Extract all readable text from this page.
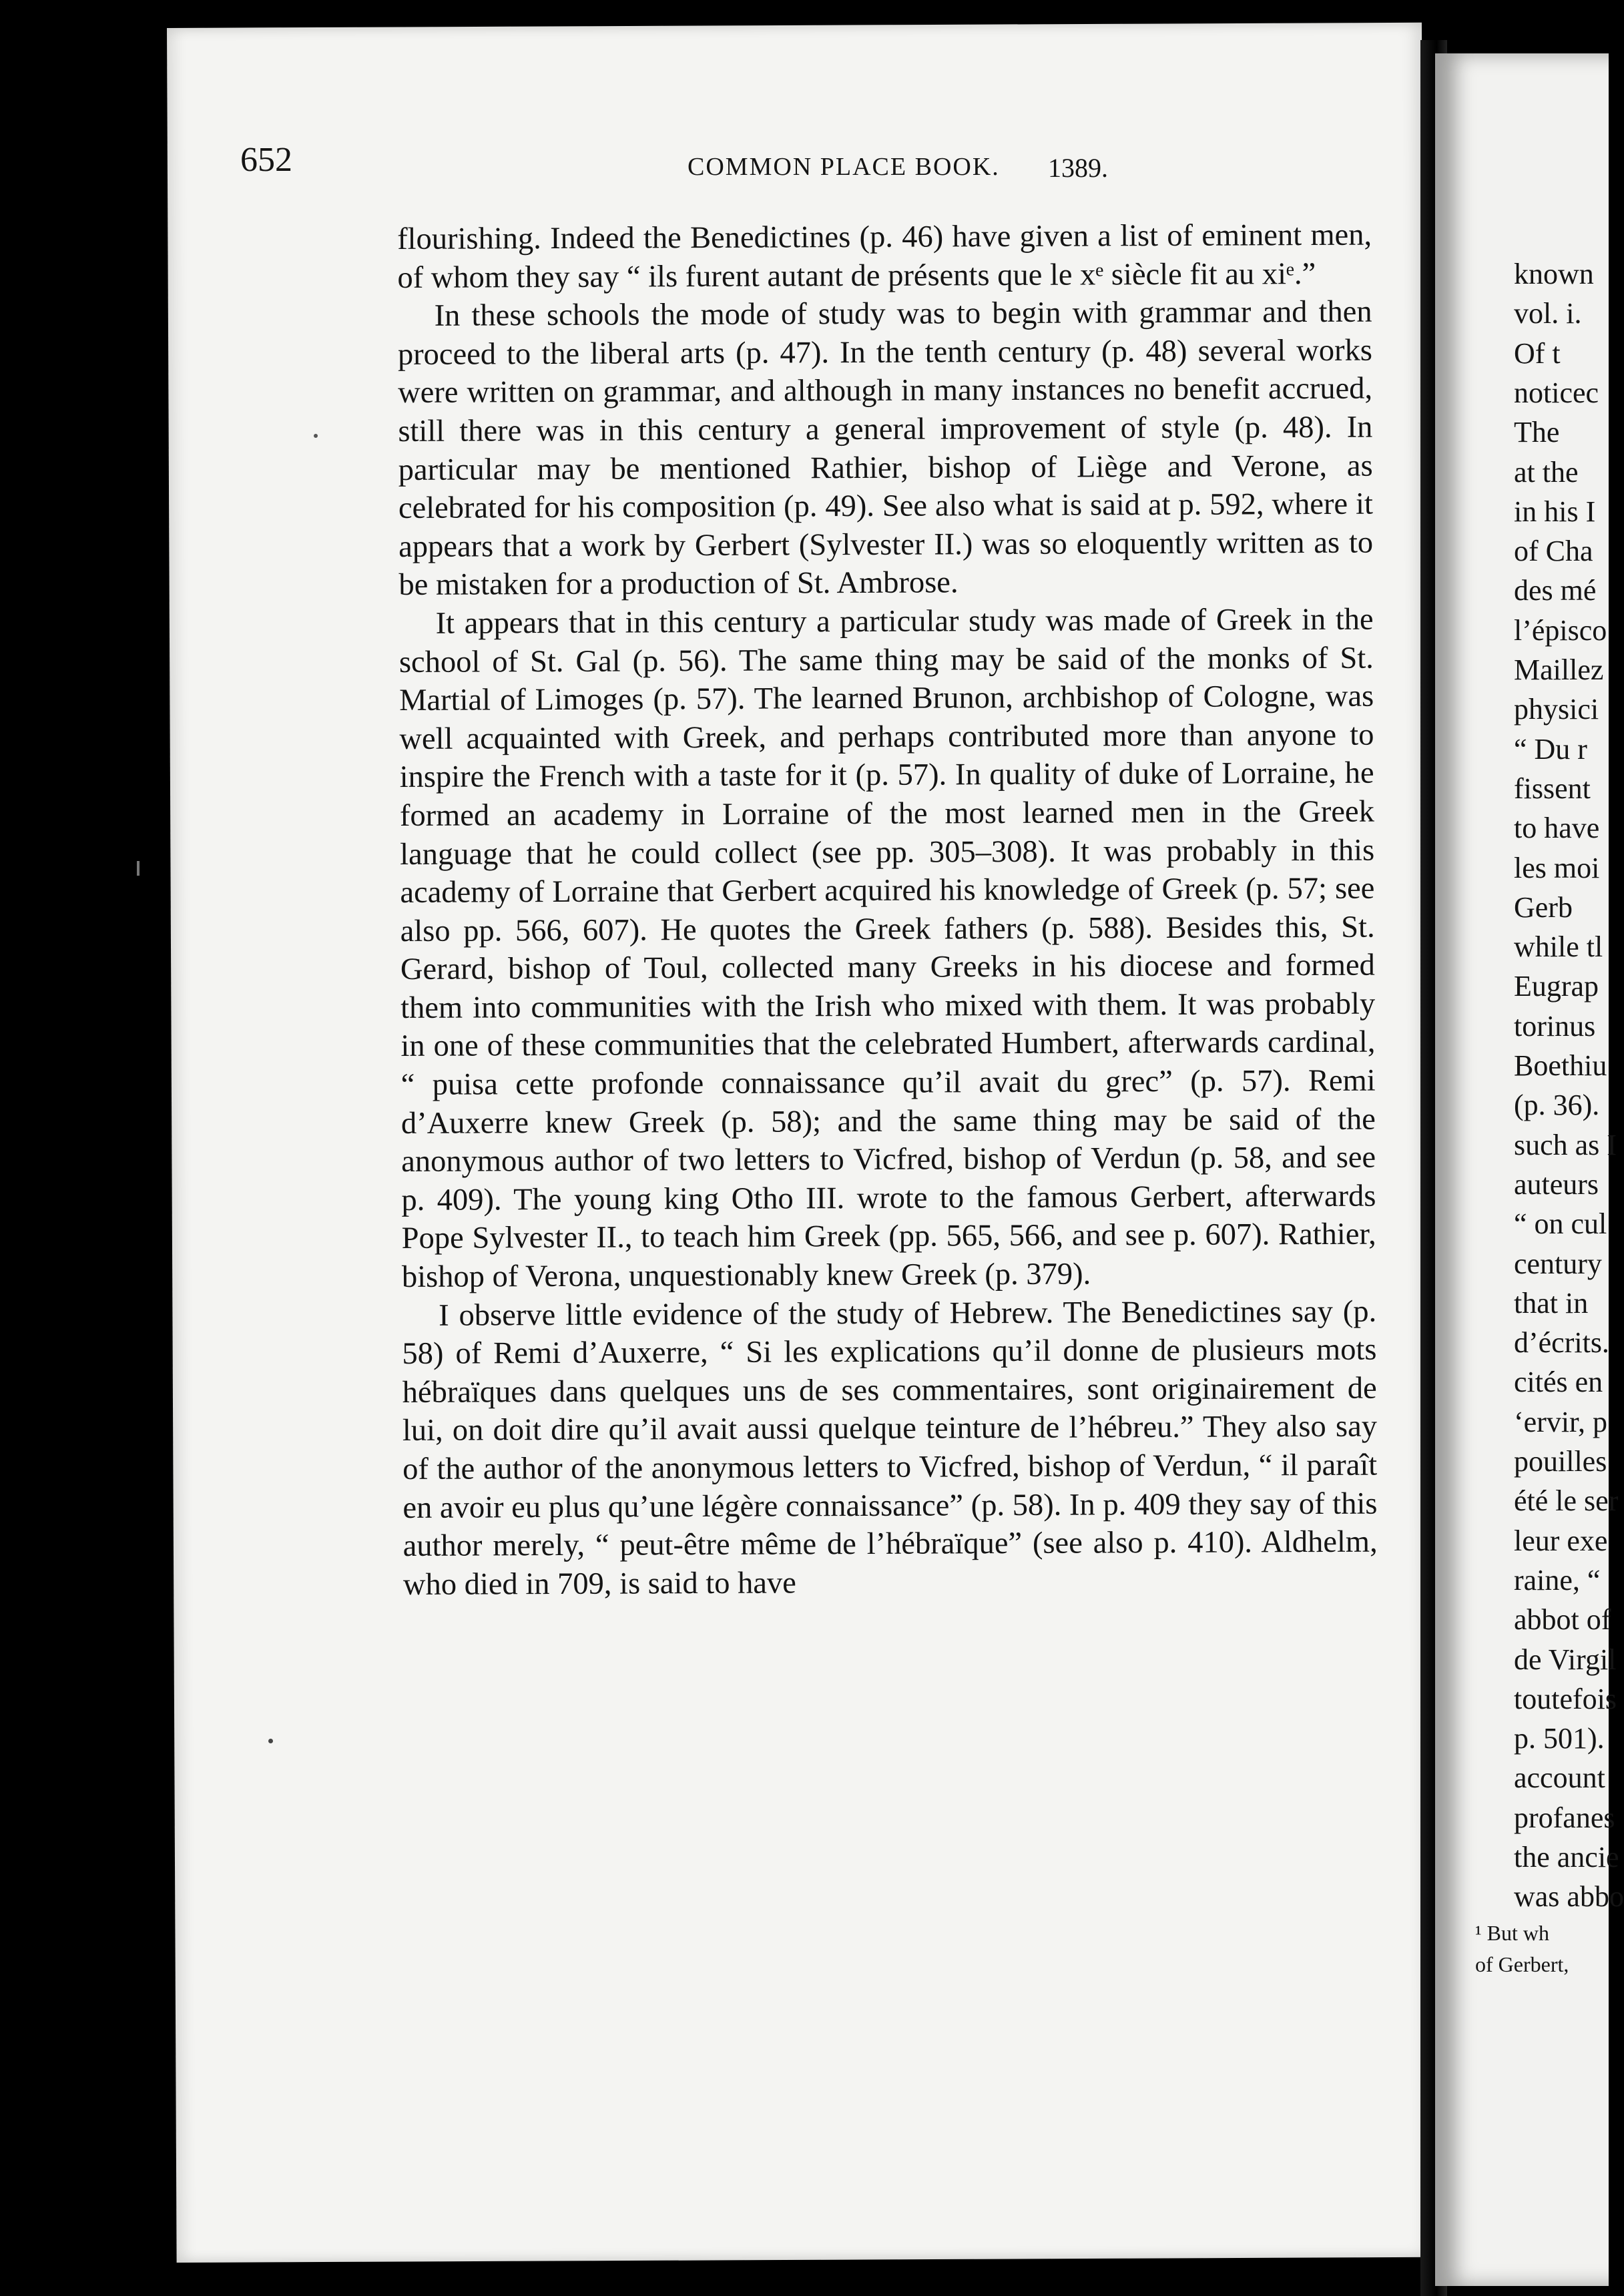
652	COMMON PLACE BOOK. 1389.

flourishing. Indeed the Benedictines (p. 46) have given a list of eminent men, of whom they say “ ils furent autant de présents que le xᵉ siècle fit au xiᵉ.”

In these schools the mode of study was to begin with grammar and then proceed to the liberal arts (p. 47). In the tenth century (p. 48) several works were written on grammar, and although in many instances no benefit accrued, still there was in this century a general improvement of style (p. 48). In particular may be mentioned Rathier, bishop of Liège and Verone, as celebrated for his composition (p. 49). See also what is said at p. 592, where it appears that a work by Gerbert (Sylvester II.) was so eloquently written as to be mistaken for a production of St. Ambrose.

It appears that in this century a particular study was made of Greek in the school of St. Gal (p. 56). The same thing may be said of the monks of St. Martial of Limoges (p. 57). The learned Brunon, archbishop of Cologne, was well acquainted with Greek, and perhaps contributed more than anyone to inspire the French with a taste for it (p. 57). In quality of duke of Lorraine, he formed an academy in Lorraine of the most learned men in the Greek language that he could collect (see pp. 305–308). It was probably in this academy of Lorraine that Gerbert acquired his knowledge of Greek (p. 57; see also pp. 566, 607). He quotes the Greek fathers (p. 588). Besides this, St. Gerard, bishop of Toul, collected many Greeks in his diocese and formed them into communities with the Irish who mixed with them. It was probably in one of these communities that the celebrated Humbert, afterwards cardinal, “ puisa cette profonde connaissance qu’il avait du grec” (p. 57). Remi d’Auxerre knew Greek (p. 58); and the same thing may be said of the anonymous author of two letters to Vicfred, bishop of Verdun (p. 58, and see p. 409). The young king Otho III. wrote to the famous Gerbert, afterwards Pope Sylvester II., to teach him Greek (pp. 565, 566, and see p. 607). Rathier, bishop of Verona, unquestionably knew Greek (p. 379).

I observe little evidence of the study of Hebrew. The Benedictines say (p. 58) of Remi d’Auxerre, “ Si les explications qu’il donne de plusieurs mots hébraïques dans quelques uns de ses commentaires, sont originairement de lui, on doit dire qu’il avait aussi quelque teinture de l’hébreu.” They also say of the author of the anonymous letters to Vicfred, bishop of Verdun, “ il paraît en avoir eu plus qu’une légère connaissance” (p. 58). In p. 409 they say of this author merely, “ peut-être même de l’hébraïque” (see also p. 410). Aldhelm, who died in 709, is said to have

known
vol. i.
Of t
noticec
The
at the
in his I
of Cha
des mé
l’épisco
Maillez
physici
“ Du r
fissent
to have
les moi
Gerb
while tl
Eugrap
torinus
Boethiu
(p. 36).
such as I
auteurs
“ on cul
century
that in
d’écrits.
cités en
‘ervir, p
pouilles
été le ser
leur exe
raine, “
abbot of
de Virgil
toutefois
p. 501).
account
profanes
the ancie
was abbo
¹ But wh
of Gerbert,
